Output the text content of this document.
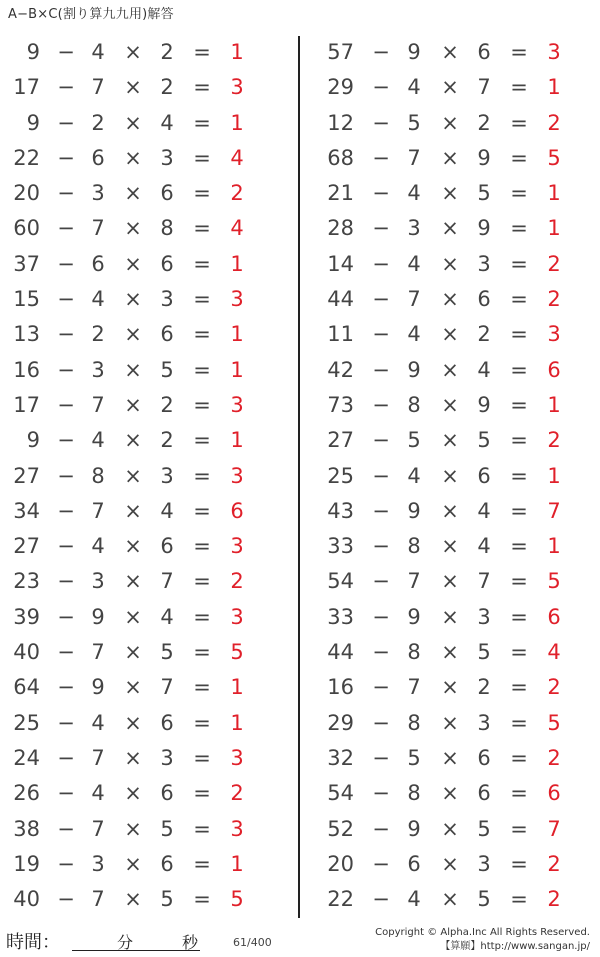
A−B×C(割り算九九用)解答
9 − 4 × 2 = 1
17 − 7 × 2 = 3
9 − 2 × 4 = 1
22 − 6 × 3 = 4
20 − 3 × 6 = 2
60 − 7 × 8 = 4
37 − 6 × 6 = 1
15 − 4 × 3 = 3
13 − 2 × 6 = 1
16 − 3 × 5 = 1
17 − 7 × 2 = 3
9 − 4 × 2 = 1
27 − 8 × 3 = 3
34 − 7 × 4 = 6
27 − 4 × 6 = 3
23 − 3 × 7 = 2
39 − 9 × 4 = 3
40 − 7 × 5 = 5
64 − 9 × 7 = 1
25 − 4 × 6 = 1
24 − 7 × 3 = 3
26 − 4 × 6 = 2
38 − 7 × 5 = 3
19 − 3 × 6 = 1
40 − 7 × 5 = 5
57 − 9 × 6 = 3
29 − 4 × 7 = 1
12 − 5 × 2 = 2
68 − 7 × 9 = 5
21 − 4 × 5 = 1
28 − 3 × 9 = 1
14 − 4 × 3 = 2
44 − 7 × 6 = 2
11 − 4 × 2 = 3
42 − 9 × 4 = 6
73 − 8 × 9 = 1
27 − 5 × 5 = 2
25 − 4 × 6 = 1
43 − 9 × 4 = 7
33 − 8 × 4 = 1
54 − 7 × 7 = 5
33 − 9 × 3 = 6
44 − 8 × 5 = 4
16 − 7 × 2 = 2
29 − 8 × 3 = 5
32 − 5 × 6 = 2
54 − 8 × 6 = 6
52 − 9 × 5 = 7
20 − 6 × 3 = 2
22 − 4 × 5 = 2
時間：	分	秒	61/400
Copyright © Alpha.Inc All Rights Reserved.
【算願】http://www.sangan.jp/
